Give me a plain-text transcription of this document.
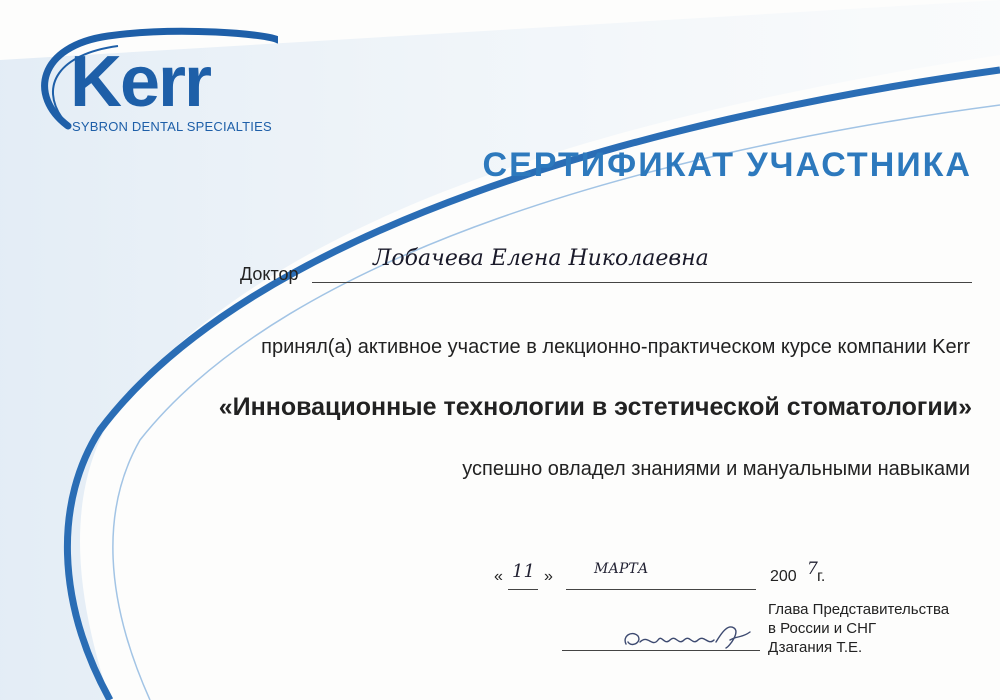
Kerr
SYBRON DENTAL SPECIALTIES
СЕРТИФИКАТ УЧАСТНИКА
Доктор
Лобачева Елена Николаевна
принял(а) активное участие в лекционно-практическом курсе компании Kerr
«Инновационные технологии в эстетической стоматологии»
успешно овладел знаниями и мануальными навыками
« 11 »	МАРТА	200 7 г.
Глава Представительства
в России и СНГ
Дзагания Т.Е.
